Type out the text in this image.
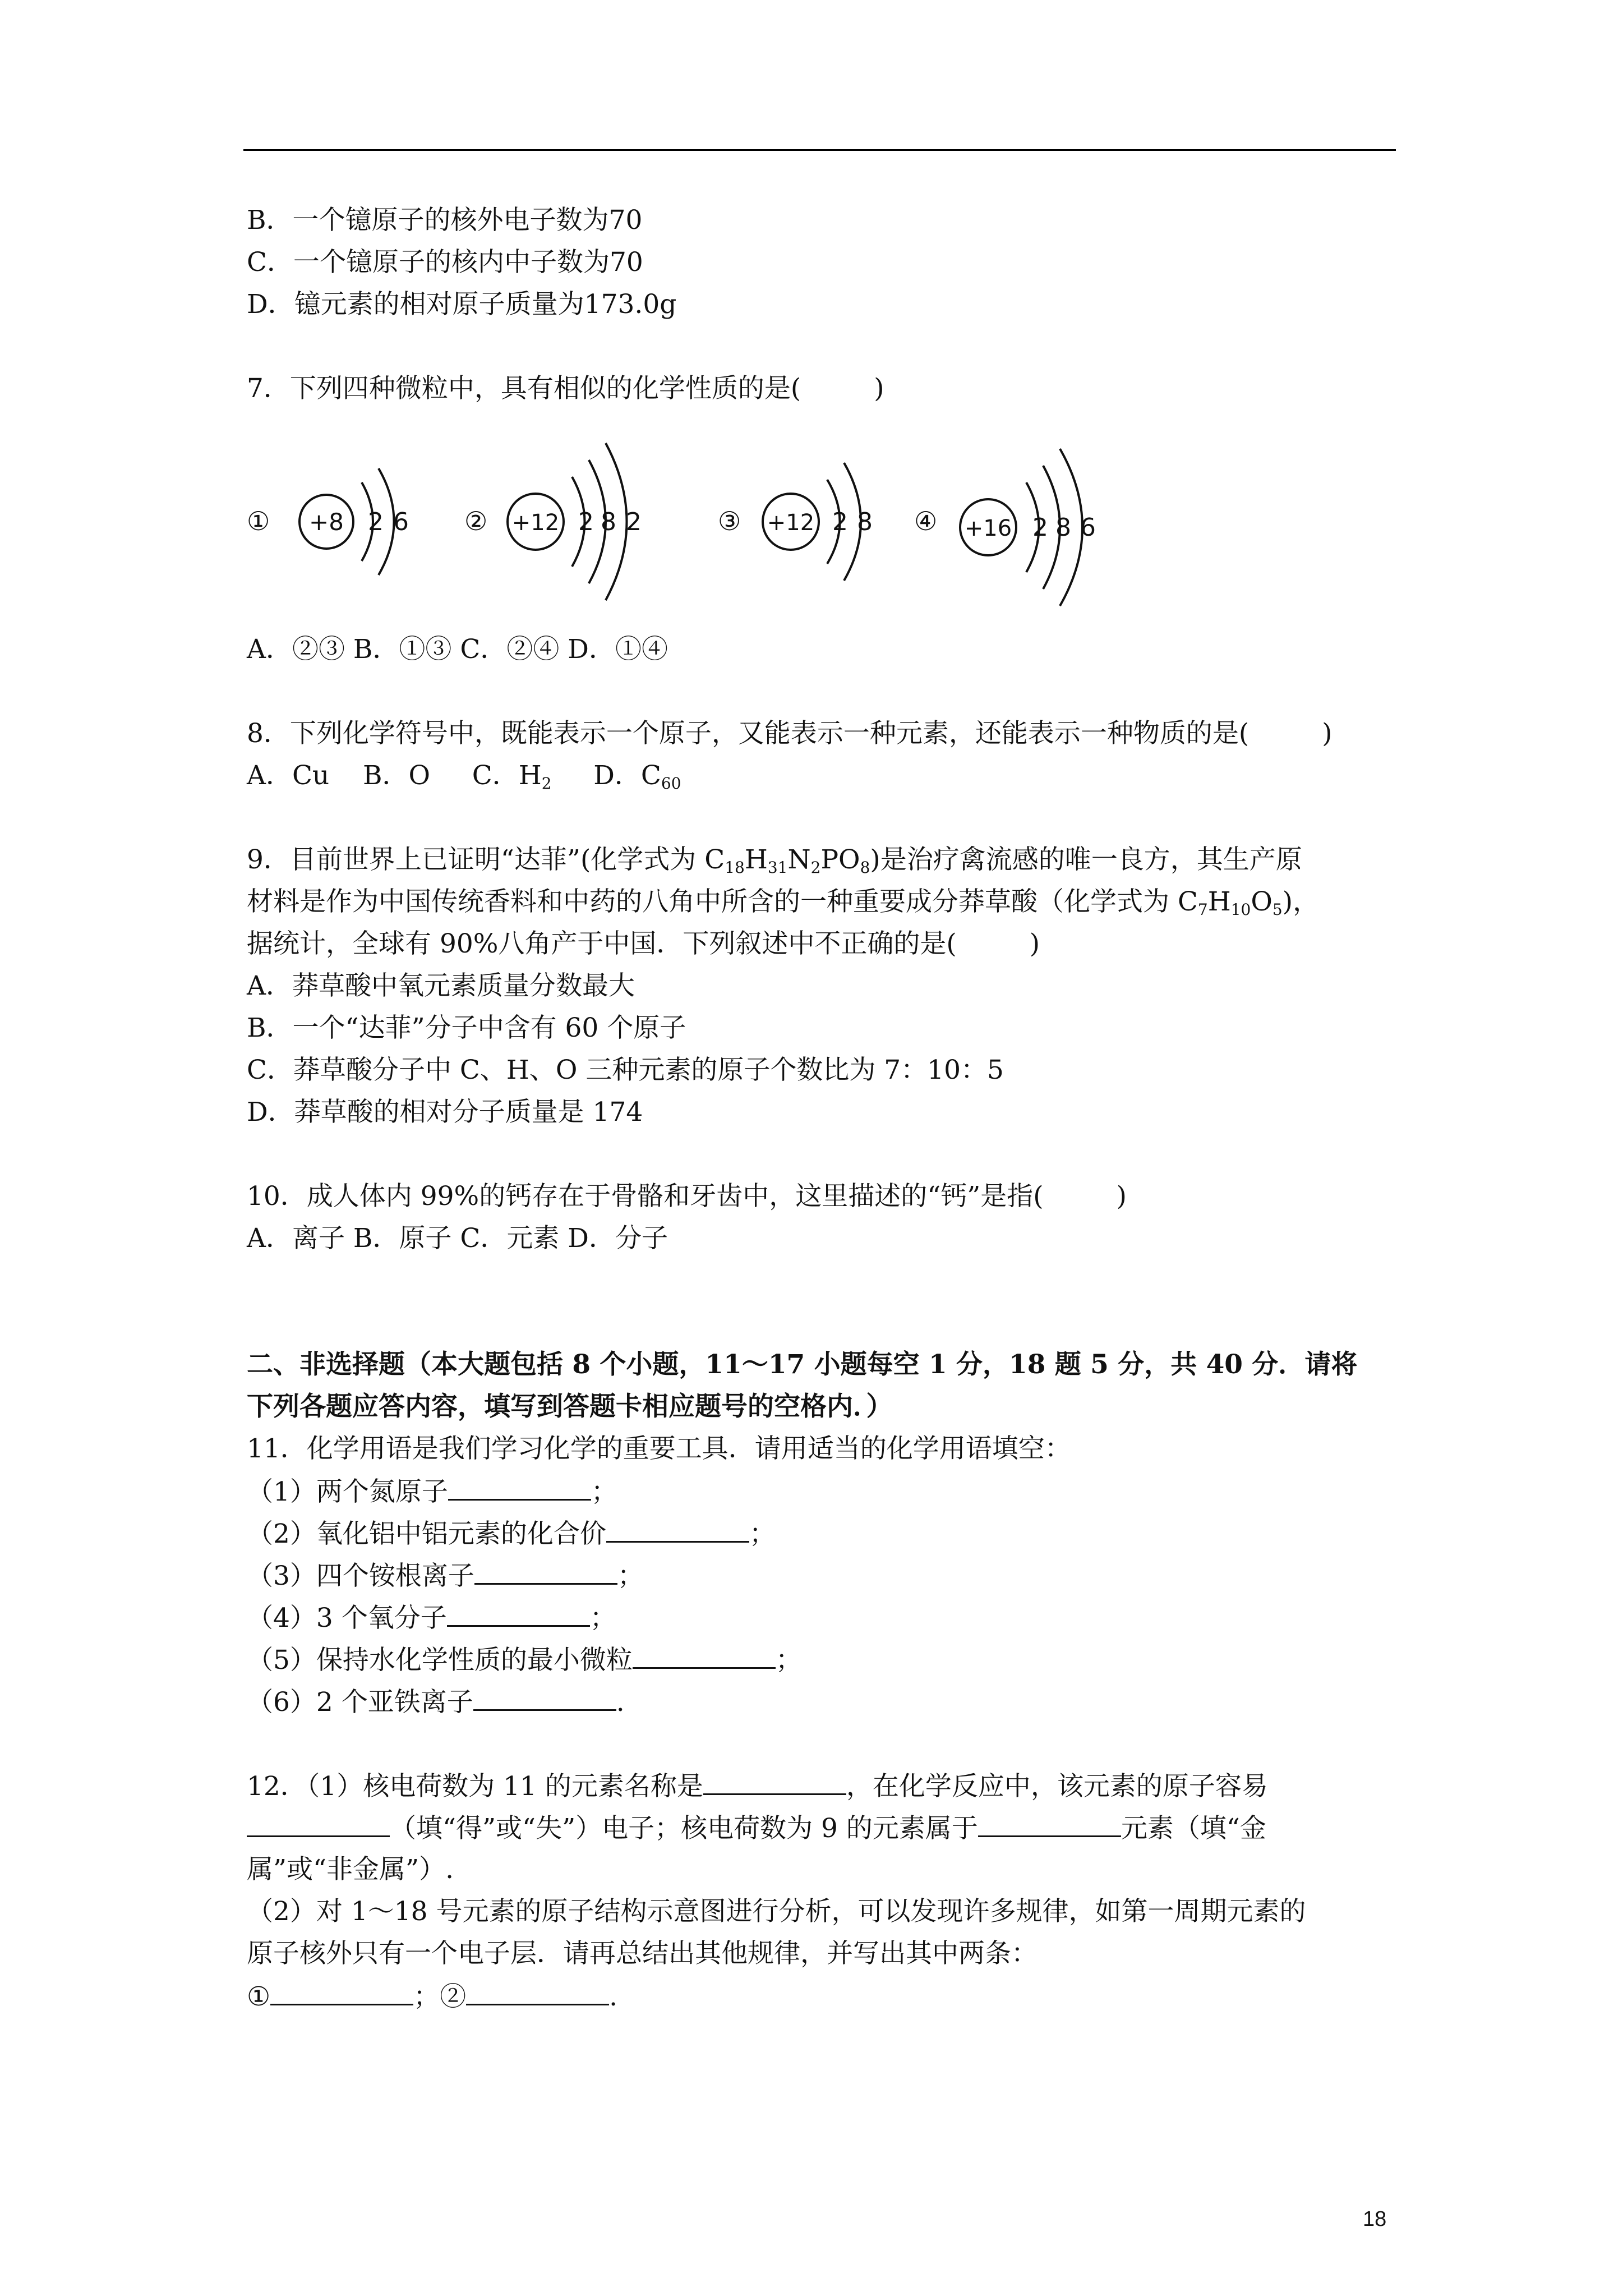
B．一个镱原子的核外电子数为70
C．一个镱原子的核内中子数为70
D．镱元素的相对原子质量为173.0g
7．下列四种微粒中，具有相似的化学性质的是(	)
① +8 2 6 ② +12 2 8 2	③ +12 2 8 ④ +16 2 8 6
A．②③ B．①③ C．②④ D．①④
8．下列化学符号中，既能表示一个原子，又能表示一种元素，还能表示一种物质的是(	)
A．Cu B．O C．$H_2$ D．$C_{60}$
9．目前世界上已证明“达菲”(化学式为 $C_{18}H_{31}N_2PO_8$)是治疗禽流感的唯一良方，其生产原
材料是作为中国传统香料和中药的八角中所含的一种重要成分莽草酸（化学式为 $C_7H_{10}O_5$)，
据统计，全球有 90%八角产于中国．下列叙述中不正确的是(	)
A．莽草酸中氧元素质量分数最大
B．一个“达菲”分子中含有 60 个原子
C．莽草酸分子中 C、H、O 三种元素的原子个数比为 7：10：5
D．莽草酸的相对分子质量是 174
10．成人体内 99%的钙存在于骨骼和牙齿中，这里描述的“钙”是指(	)
A．离子 B．原子 C．元素 D．分子
二、非选择题（本大题包括 8 个小题，11～17 小题每空 1 分，18 题 5 分，共 40 分．请将
下列各题应答内容，填写到答题卡相应题号的空格内．）
11．化学用语是我们学习化学的重要工具．请用适当的化学用语填空：
（1）两个氮原子	；
（2）氧化铝中铝元素的化合价	；
（3）四个铵根离子	；
（4）3 个氧分子	；
（5）保持水化学性质的最小微粒	；
（6）2 个亚铁离子	.
12．（1）核电荷数为 11 的元素名称是	，在化学反应中，该元素的原子容易
（填“得”或“失”）电子；核电荷数为 9 的元素属于	元素（填“金
属”或“非金属”）.
（2）对 1～18 号元素的原子结构示意图进行分析，可以发现许多规律，如第一周期元素的
原子核外只有一个电子层．请再总结出其他规律，并写出其中两条：
①	；②	.
18
